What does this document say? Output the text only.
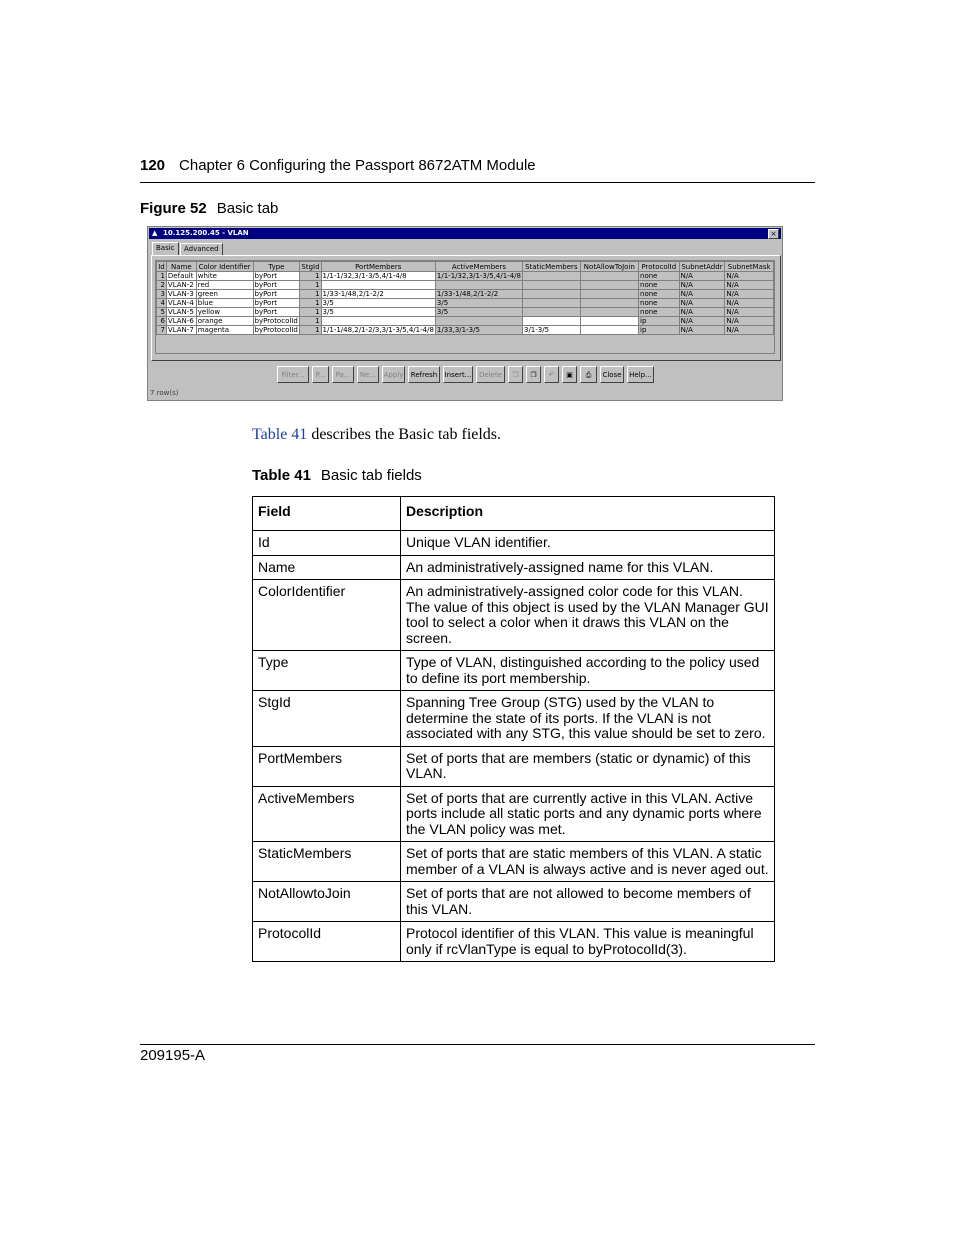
120 Chapter 6 Configuring the Passport 8672ATM Module
Figure 52 Basic tab
▲ 10.125.200.45 - VLAN	×
Basic	Advanced
Id	Name	Color Identifier	Type	StgId	PortMembers	ActiveMembers	StaticMembers	NotAllowToJoin	ProtocolId	SubnetAddr	SubnetMask
1	Default	white	byPort	1	1/1-1/32,3/1-3/5,4/1-4/8	1/1-1/32,3/1-3/5,4/1-4/8			none	N/A	N/A
2	VLAN-2	red	byPort	1					none	N/A	N/A
3	VLAN-3	green	byPort	1	1/33-1/48,2/1-2/2	1/33-1/48,2/1-2/2			none	N/A	N/A
4	VLAN-4	blue	byPort	1	3/5	3/5			none	N/A	N/A
5	VLAN-5	yellow	byPort	1	3/5	3/5			none	N/A	N/A
6	VLAN-6	orange	byProtocolId	1					ip	N/A	N/A
7	VLAN-7	magenta	byProtocolId	1	1/1-1/48,2/1-2/3,3/1-3/5,4/1-4/8	1/33,3/1-3/5	3/1-3/5		ip	N/A	N/A
Filter...	P...	Pa...	Ne...	Apply	Refresh	Insert...	Delete	❐	❐	↶	▣	⎙	Close	Help...
7 row(s)
Table 41 describes the Basic tab fields.
Table 41 Basic tab fields
Field	Description
Id	Unique VLAN identifier.
Name	An administratively-assigned name for this VLAN.
ColorIdentifier	An administratively-assigned color code for this VLAN. The value of this object is used by the VLAN Manager GUI tool to select a color when it draws this VLAN on the screen.
Type	Type of VLAN, distinguished according to the policy used to define its port membership.
StgId	Spanning Tree Group (STG) used by the VLAN to determine the state of its ports. If the VLAN is not associated with any STG, this value should be set to zero.
PortMembers	Set of ports that are members (static or dynamic) of this VLAN.
ActiveMembers	Set of ports that are currently active in this VLAN. Active ports include all static ports and any dynamic ports where the VLAN policy was met.
StaticMembers	Set of ports that are static members of this VLAN. A static member of a VLAN is always active and is never aged out.
NotAllowtoJoin	Set of ports that are not allowed to become members of this VLAN.
ProtocolId	Protocol identifier of this VLAN. This value is meaningful only if rcVlanType is equal to byProtocolId(3).
209195-A
